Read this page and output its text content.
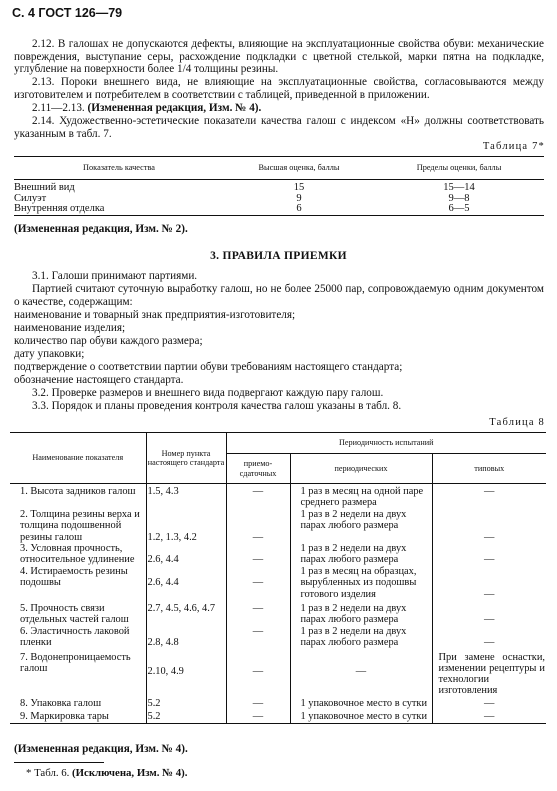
С. 4 ГОСТ 126—79
2.12. В галошах не допускаются дефекты, влияющие на эксплуатационные свойства обуви: механические повреждения, выступание серы, расхождение подкладки с цветной стелькой, марки пятна на подкладке, углубление на поверхности более 1/4 толщины резины.
2.13. Пороки внешнего вида, не влияющие на эксплуатационные свойства, согласовываются между изготовителем и потребителем в соответствии с таблицей, приведенной в приложении.
2.11—2.13. (Измененная редакция, Изм. № 4).
2.14. Художественно-эстетические показатели качества галош с индексом «Н» должны соответствовать указанным в табл. 7.
Таблица 7*
Показатель качества	Высшая оценка, баллы	Пределы оценки, баллы
Внешний вид	15	15—14
Силуэт	9	9—8
Внутренняя отделка	6	6—5
(Измененная редакция, Изм. № 2).
3. ПРАВИЛА ПРИЕМКИ
3.1. Галоши принимают партиями.
Партией считают суточную выработку галош, но не более 25000 пар, сопровождаемую одним документом о качестве, содержащим:
наименование и товарный знак предприятия-изготовителя;
наименование изделия;
количество пар обуви каждого размера;
дату упаковки;
подтверждение о соответствии партии обуви требованиям настоящего стандарта;
обозначение настоящего стандарта.
3.2. Проверке размеров и внешнего вида подвергают каждую пару галош.
3.3. Порядок и планы проведения контроля качества галош указаны в табл. 8.
Таблица 8
Наименование показателя	Номер пункта настоящего стандарта	Периодичность испытаний		
		приемо-сдаточных	периодических	типовых
1. Высота задников галош	1.5, 4.3	—	1 раз в месяц на одной паре среднего размера	—
2. Толщина резины верха и толщина подошвенной резины галош	1.2, 1.3, 4.2	—	1 раз в 2 недели на двух парах любого размера	—
3. Условная прочность, относительное удлинение	2.6, 4.4	—	1 раз в 2 недели на двух парах любого размера	—
4. Истираемость резины подошвы	2.6, 4.4	—	1 раз в месяц на образцах, вырубленных из подошвы готового изделия	—
5. Прочность связи отдельных частей галош	2.7, 4.5, 4.6, 4.7	—	1 раз в 2 недели на двух парах любого размера	—
6. Эластичность лаковой пленки	2.8, 4.8	—	1 раз в 2 недели на двух парах любого размера	—
7. Водонепроницаемость галош	2.10, 4.9	—	—	При замене оснастки, изменении рецептуры и технологии изготовления
8. Упаковка галош	5.2	—	1 упаковочное место в сутки	—
9. Маркировка тары	5.2	—	1 упаковочное место в сутки	—
(Измененная редакция, Изм. № 4).
* Табл. 6. (Исключена, Изм. № 4).
